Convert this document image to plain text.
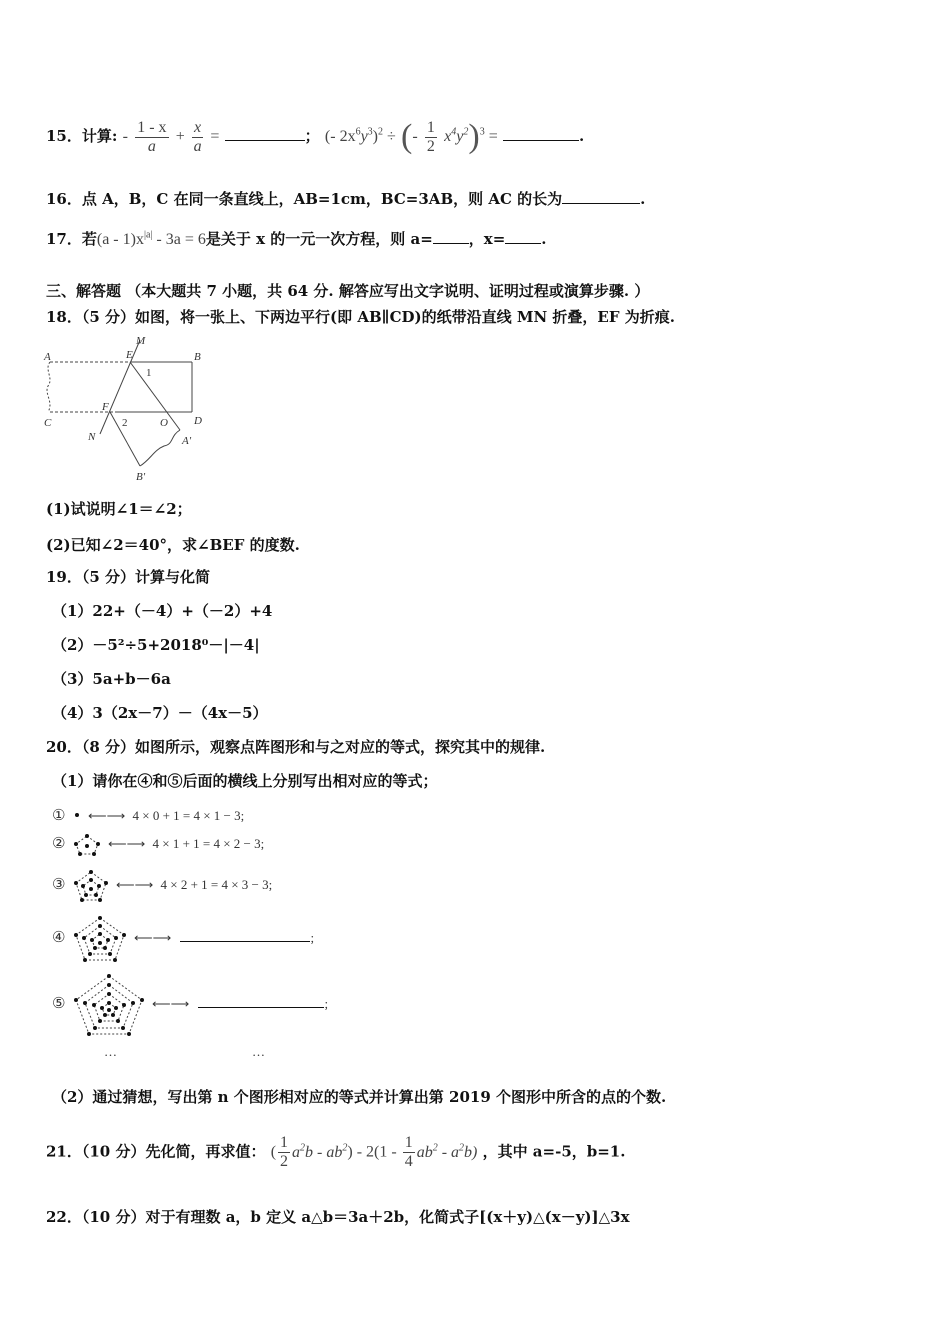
15．计算: - $\frac{1 - x}{a} + \frac{x}{a}$ =	； (- $2x^6y^3)^2$ ÷ (- $\frac{1}{2} x^4y^2)^3$ =	.
16．点 A，B，C 在同一条直线上，AB=1cm，BC=3AB，则 AC 的长为	.
17．若$(a - 1)x^{|a|} - 3a = 6$是关于 x 的一元一次方程，则 a= ，x= .
三、解答题 （本大题共 7 小题，共 64 分. 解答应写出文字说明、证明过程或演算步骤. ）
18．（5 分）如图，将一张上、下两边平行(即 AB∥CD)的纸带沿直线 MN 折叠，EF 为折痕.
A	E
M
B
F
C	D
N
O
A'
B'
1
2
(1)试说明∠1＝∠2；
(2)已知∠2＝40°，求∠BEF 的度数.
19．（5 分）计算与化简
（1）22+（－4）+（－2）+4
（2）－5²÷5+2018⁰－|－4|
（3）5a+b－6a
（4）3（2x－7）－（4x－5）
20．（8 分）如图所示，观察点阵图形和与之对应的等式，探究其中的规律.
（1）请你在④和⑤后面的横线上分别写出相对应的等式；
① ⟵⟶ 4 × 0 + 1 = 4 × 1 − 3;
②	⟵⟶ 4 × 1 + 1 = 4 × 2 − 3;
③	⟵⟶ 4 × 2 + 1 = 4 × 3 − 3;
④	⟵⟶	;
⑤	⟵⟶	;
…	…
（2）通过猜想，写出第 n 个图形相对应的等式并计算出第 2019 个图形中所含的点的个数.
21．（10 分）先化简，再求值： ( $\frac{1}{2} a^2b - ab^2) - 2(1 - \frac{1}{4} ab^2 - a^2b)$ ，其中 a=-5，b=1.
22．（10 分）对于有理数 a，b 定义 a△b＝3a＋2b，化简式子[(x＋y)△(x－y)]△3x
